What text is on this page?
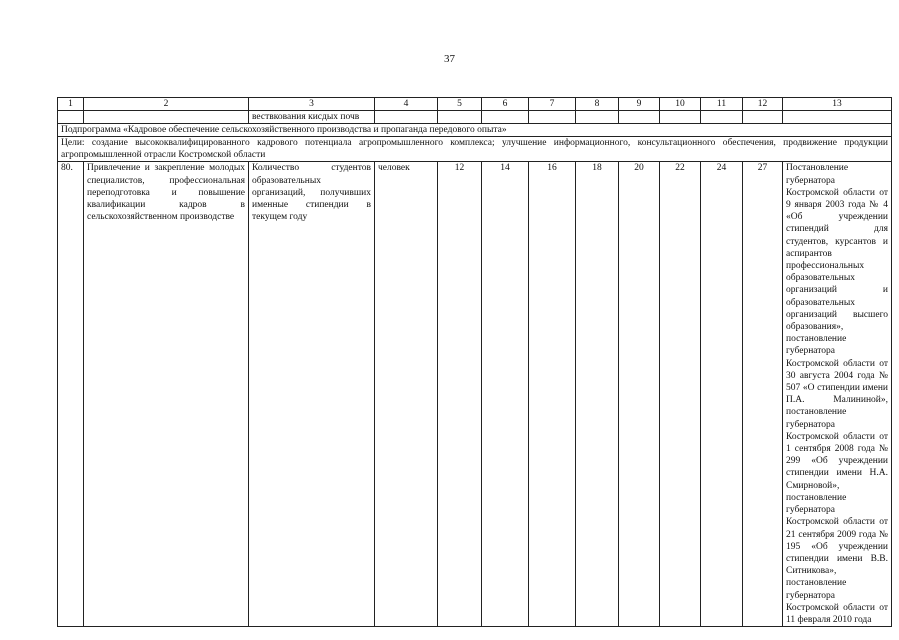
37
1	2	3	4	5	6	7	8	9	10	11	12	13
		вествкования кисдых почв										
Подпрограмма «Кадровое обеспечение сельскохозяйственного производства и пропаганда передового опыта»												
Цели: создание высококвалифицированного кадрового потенциала агропромышленного комплекса; улучшение информационного, консультационного обеспечения, продвижение продукции агропромышленной отрасли Костромской области												
80.	Привлечение и закрепление молодых специалистов, профессиональная переподготовка и повышение квалификации кадров в сельскохозяйственном производстве	Количество студентов образовательных организаций, получивших именные стипендии в текущем году	человек	12	14	16	18	20	22	24	27	Постановление губернатора Костромской области от 9 января 2003 года № 4 «Об учреждении стипендий для студентов, курсантов и аспирантов профессиональных образовательных организаций и образовательных организаций высшего образования», постановление губернатора Костромской области от 30 августа 2004 года № 507 «О стипендии имени П.А. Малининой», постановление губернатора Костромской области от 1 сентября 2008 года № 299 «Об учреждении стипендии имени Н.А. Смирновой», постановление губернатора Костромской области от 21 сентября 2009 года № 195 «Об учреждении стипендии имени В.В. Ситникова», постановление губернатора Костромской области от 11 февраля 2010 года
